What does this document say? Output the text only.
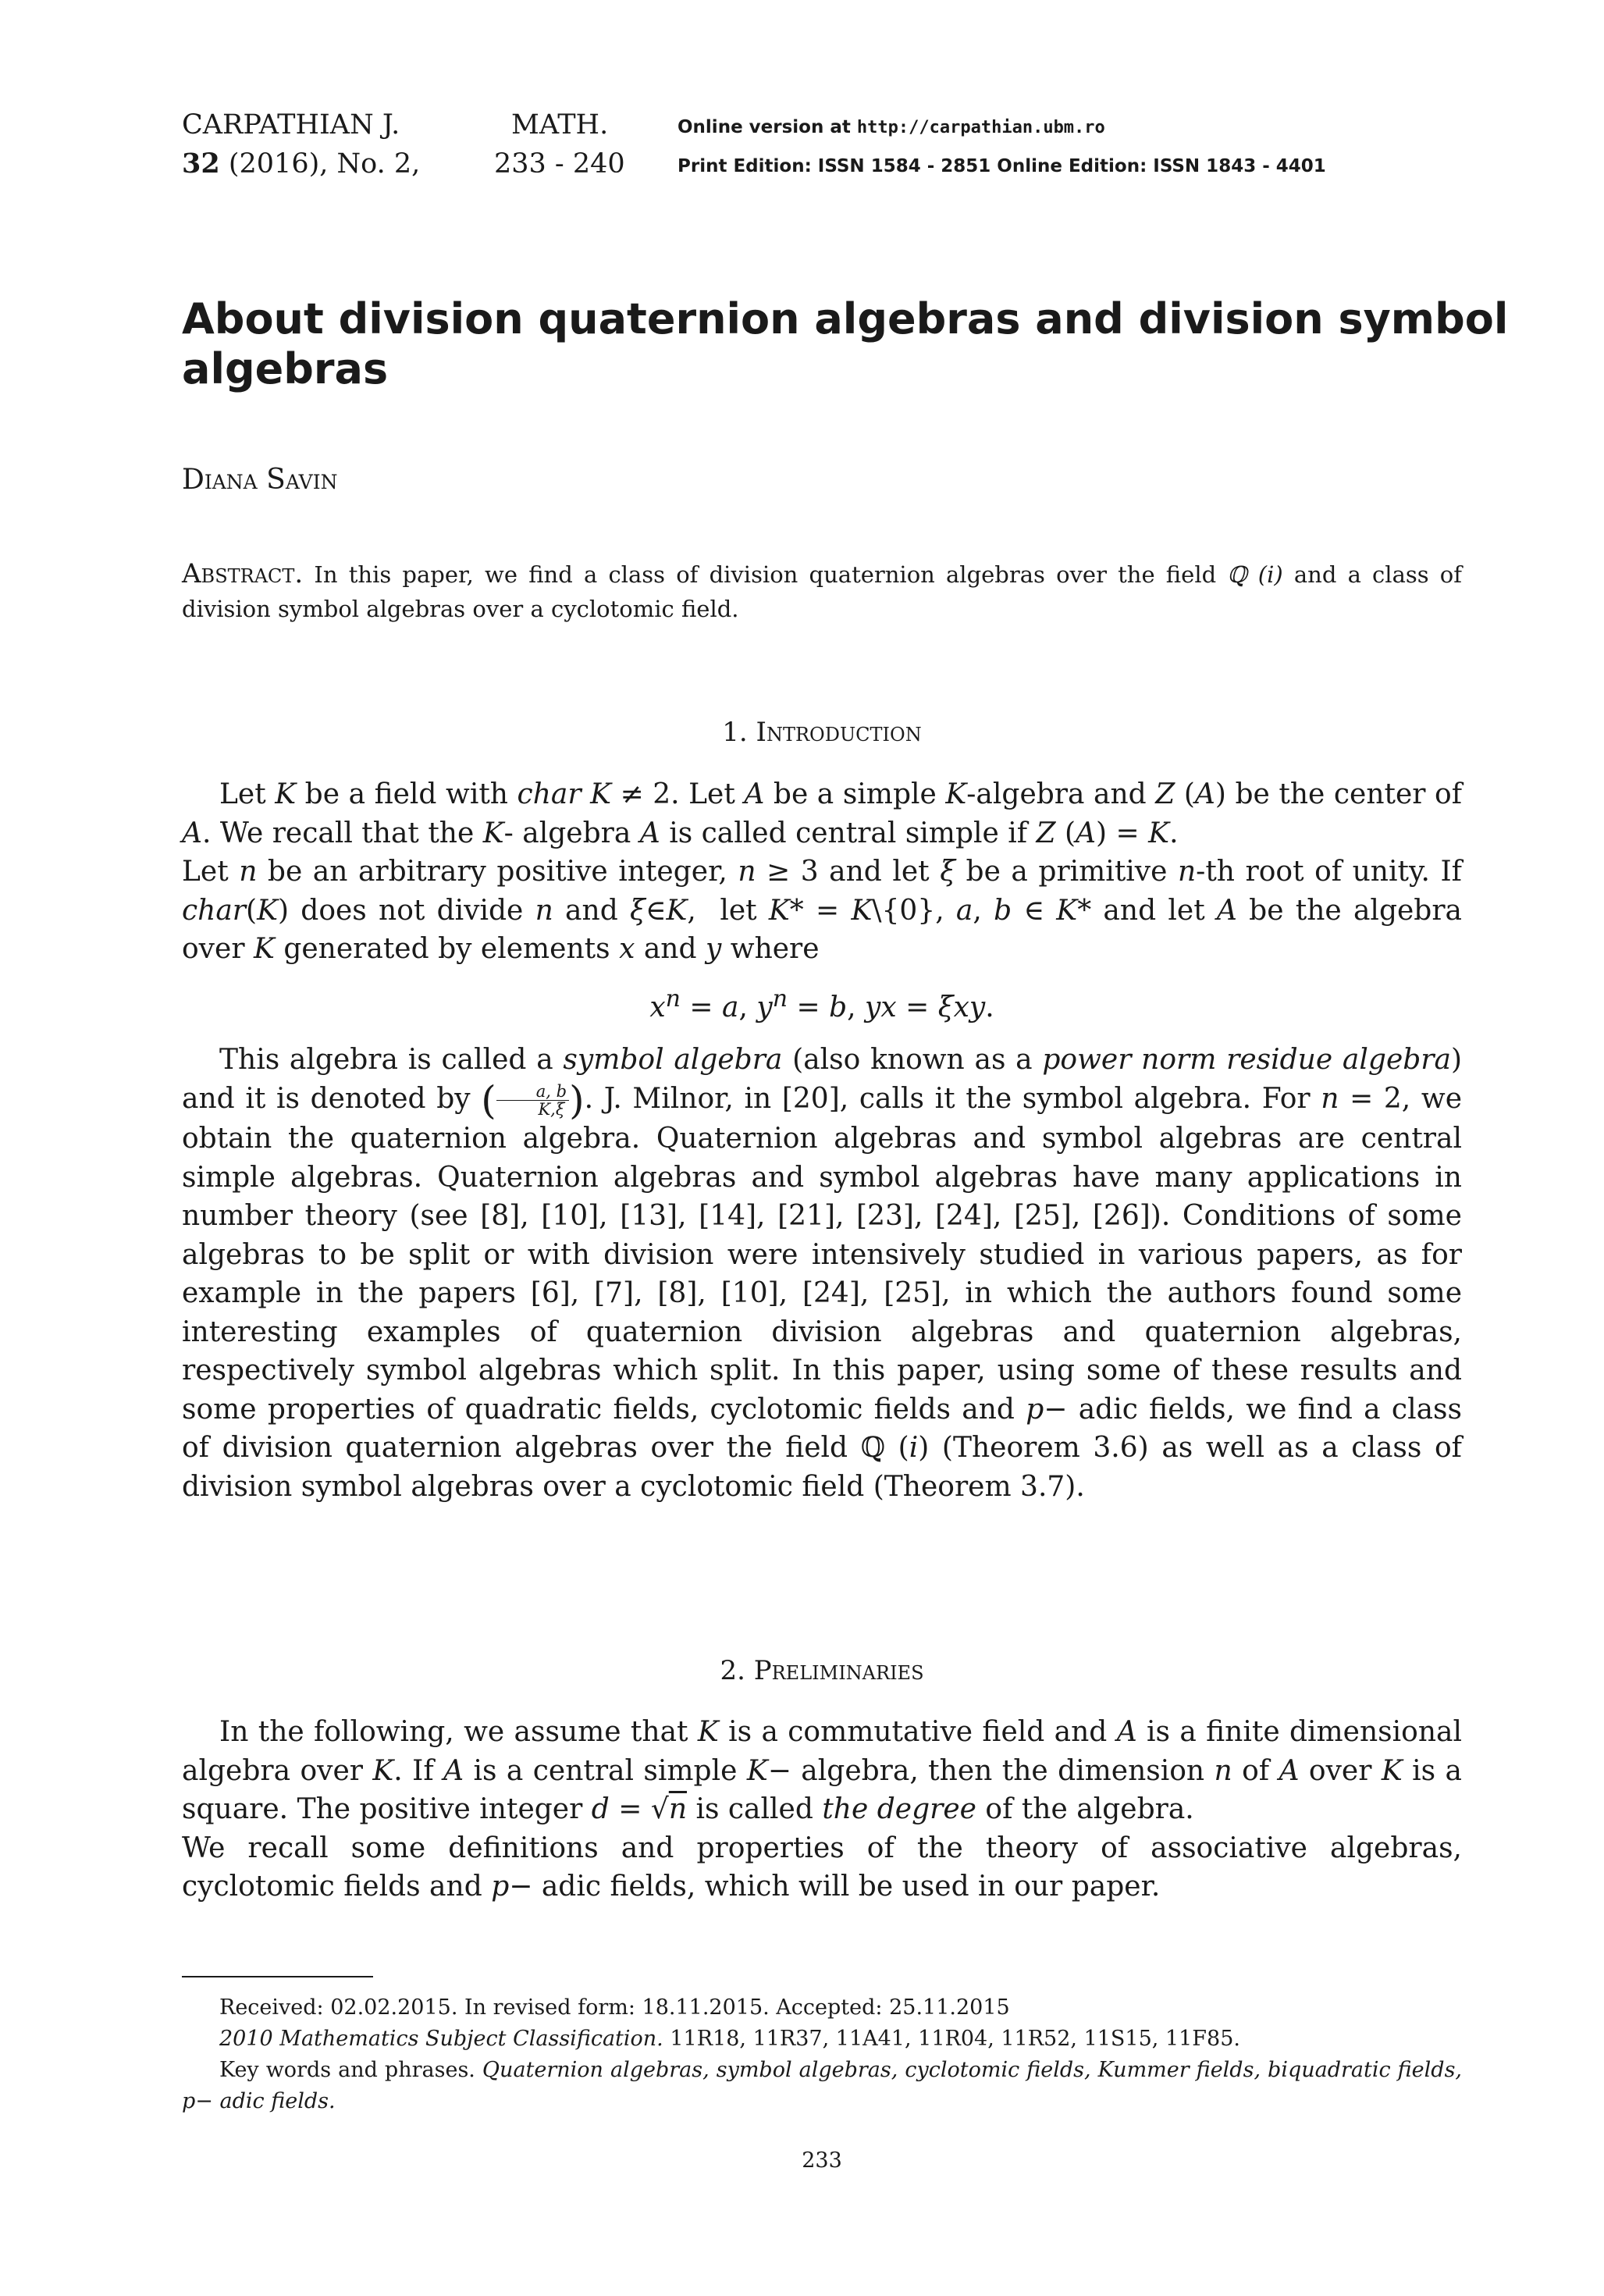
CARPATHIAN J.	MATH.
32 (2016), No. 2,	233 - 240
Online version at http://carpathian.ubm.ro
Print Edition: ISSN 1584 - 2851 Online Edition: ISSN 1843 - 4401
About division quaternion algebras and division symbol algebras
Diana Savin
Abstract. In this paper, we find a class of division quaternion algebras over the field ℚ (i) and a class of division symbol algebras over a cyclotomic field.
1. Introduction

Let K be a field with char K ≠ 2. Let A be a simple K-algebra and Z (A) be the center of A. We recall that the K- algebra A is called central simple if Z (A) = K.

Let n be an arbitrary positive integer, n ≥ 3 and let ξ be a primitive n-th root of unity. If char(K) does not divide n and ξ∈K,  let K* = K\{0}, a, b ∈ K* and let A be the algebra over K generated by elements x and y where

$x^n = a$, $y^n = b$, yx = ξxy.

This algebra is called a symbol algebra (also known as a power norm residue algebra) and it is denoted by ( $\frac{a, b}{K,\xi}$ ). J. Milnor, in [20], calls it the symbol algebra. For n = 2, we obtain the quaternion algebra. Quaternion algebras and symbol algebras are central simple algebras. Quaternion algebras and symbol algebras have many applications in number theory (see [8], [10], [13], [14], [21], [23], [24], [25], [26]). Conditions of some algebras to be split or with division were intensively studied in various papers, as for example in the papers [6], [7], [8], [10], [24], [25], in which the authors found some interesting examples of quaternion division algebras and quaternion algebras, respectively symbol algebras which split. In this paper, using some of these results and some properties of quadratic fields, cyclotomic fields and p− adic fields, we find a class of division quaternion algebras over the field ℚ (i) (Theorem 3.6) as well as a class of division symbol algebras over a cyclotomic field (Theorem 3.7).

2. Preliminaries

In the following, we assume that K is a commutative field and A is a finite dimensional algebra over K. If A is a central simple K− algebra, then the dimension n of A over K is a square. The positive integer d = √n is called the degree of the algebra.

We recall some definitions and properties of the theory of associative algebras, cyclotomic fields and p− adic fields, which will be used in our paper.

Received: 02.02.2015. In revised form: 18.11.2015. Accepted: 25.11.2015

2010 Mathematics Subject Classification. 11R18, 11R37, 11A41, 11R04, 11R52, 11S15, 11F85.

Key words and phrases. Quaternion algebras, symbol algebras, cyclotomic fields, Kummer fields, biquadratic fields, p− adic fields.

233
